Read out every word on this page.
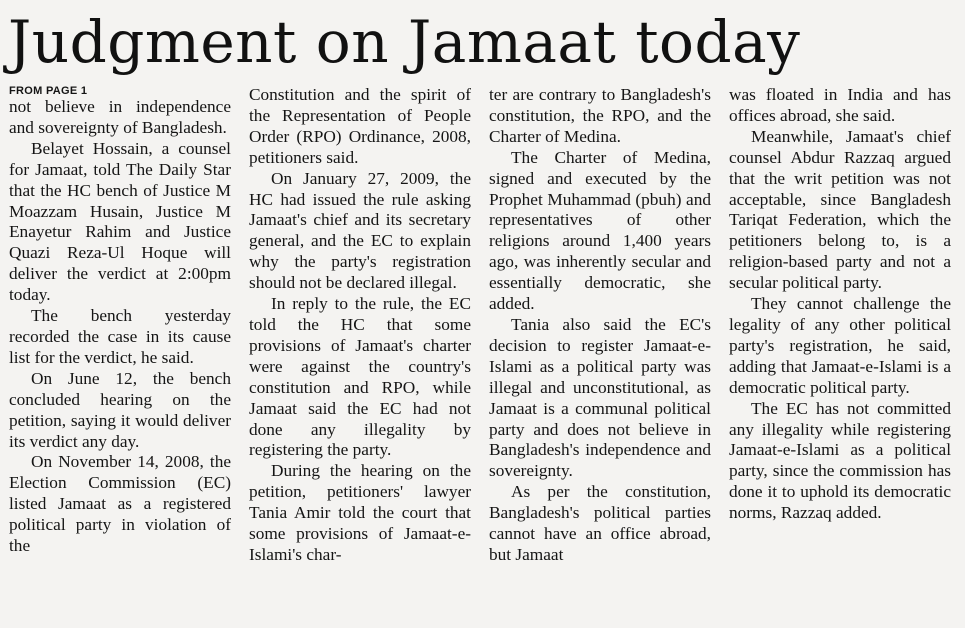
Judgment on Jamaat today
FROM PAGE 1

not believe in independence and sovereignty of Bangladesh.

Belayet Hossain, a counsel for Jamaat, told The Daily Star that the HC bench of Justice M Moazzam Husain, Justice M Enayetur Rahim and Justice Quazi Reza-Ul Hoque will deliver the verdict at 2:00pm today.

The bench yesterday recorded the case in its cause list for the verdict, he said.

On June 12, the bench concluded hearing on the petition, saying it would deliver its verdict any day.

On November 14, 2008, the Election Commission (EC) listed Jamaat as a registered political party in violation of the

Constitution and the spirit of the Representation of People Order (RPO) Ordinance, 2008, petitioners said.

On January 27, 2009, the HC had issued the rule asking Jamaat's chief and its secretary general, and the EC to explain why the party's registration should not be declared illegal.

In reply to the rule, the EC told the HC that some provisions of Jamaat's charter were against the country's constitution and RPO, while Jamaat said the EC had not done any illegality by registering the party.

During the hearing on the petition, petitioners' lawyer Tania Amir told the court that some provisions of Jamaat-e-Islami's char-

ter are contrary to Bangladesh's constitution, the RPO, and the Charter of Medina.

The Charter of Medina, signed and executed by the Prophet Muhammad (pbuh) and representatives of other religions around 1,400 years ago, was inherently secular and essentially democratic, she added.

Tania also said the EC's decision to register Jamaat-e-Islami as a political party was illegal and unconstitutional, as Jamaat is a communal political party and does not believe in Bangladesh's independence and sovereignty.

As per the constitution, Bangladesh's political parties cannot have an office abroad, but Jamaat

was floated in India and has offices abroad, she said.

Meanwhile, Jamaat's chief counsel Abdur Razzaq argued that the writ petition was not acceptable, since Bangladesh Tariqat Federation, which the petitioners belong to, is a religion-based party and not a secular political party.

They cannot challenge the legality of any other political party's registration, he said, adding that Jamaat-e-Islami is a democratic political party.

The EC has not committed any illegality while registering Jamaat-e-Islami as a political party, since the commission has done it to uphold its democratic norms, Razzaq added.
